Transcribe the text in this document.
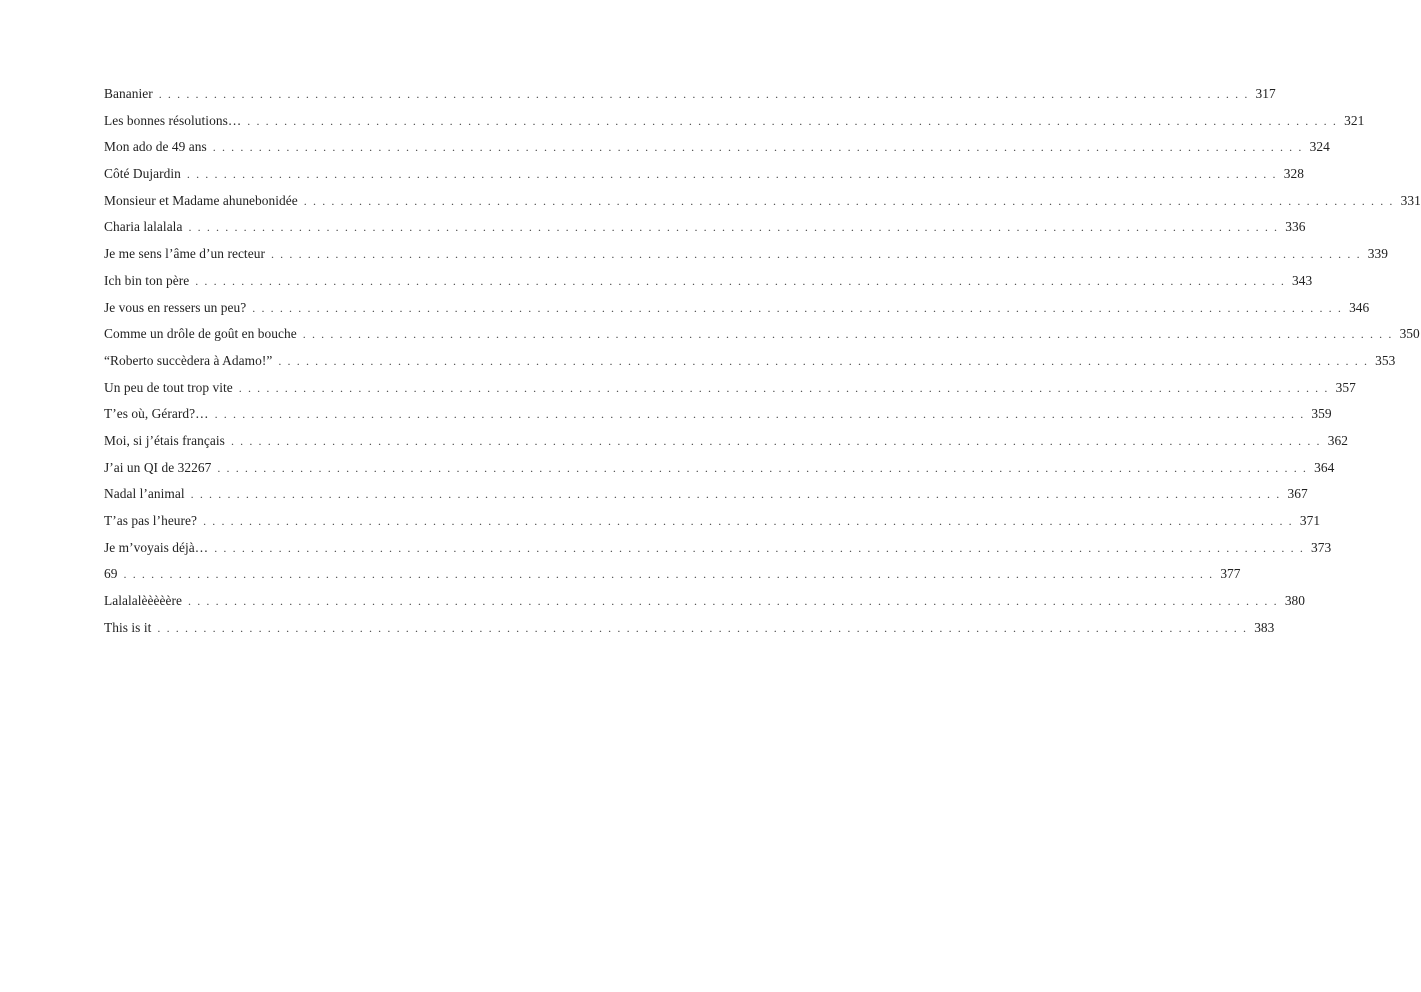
Bananier ....................................................................................................................... 317
Les bonnes résolutions… ....................................................................................................................... 321
Mon ado de 49 ans ....................................................................................................................... 324
Côté Dujardin ....................................................................................................................... 328
Monsieur et Madame ahunebonidée ....................................................................................................................... 331
Charia lalalala ....................................................................................................................... 336
Je me sens l’âme d’un recteur ....................................................................................................................... 339
Ich bin ton père ....................................................................................................................... 343
Je vous en ressers un peu? ....................................................................................................................... 346
Comme un drôle de goût en bouche ....................................................................................................................... 350
“Roberto succèdera à Adamo!” ....................................................................................................................... 353
Un peu de tout trop vite ....................................................................................................................... 357
T’es où, Gérard?… ....................................................................................................................... 359
Moi, si j’étais français ....................................................................................................................... 362
J’ai un QI de 32267 ....................................................................................................................... 364
Nadal l’animal ....................................................................................................................... 367
T’as pas l’heure? ....................................................................................................................... 371
Je m’voyais déjà… ....................................................................................................................... 373
69 ....................................................................................................................... 377
Lalalalèèèèère ....................................................................................................................... 380
This is it ....................................................................................................................... 383
